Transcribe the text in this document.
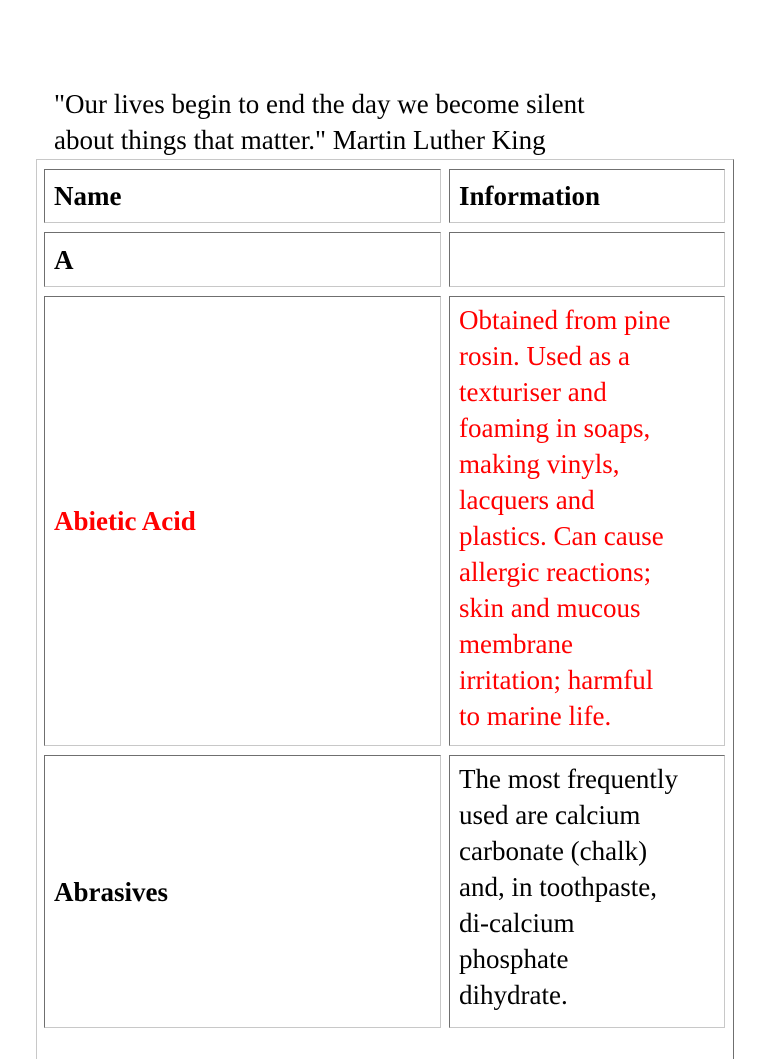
"Our lives begin to end the day we become silent
about things that matter." Martin Luther King
Name	Information
A
Abietic Acid
Obtained from pine
rosin. Used as a
texturiser and
foaming in soaps,
making vinyls,
lacquers and
plastics. Can cause
allergic reactions;
skin and mucous
membrane
irritation; harmful
to marine life.
Abrasives
The most frequently
used are calcium
carbonate (chalk)
and, in toothpaste,
di-calcium
phosphate
dihydrate.
